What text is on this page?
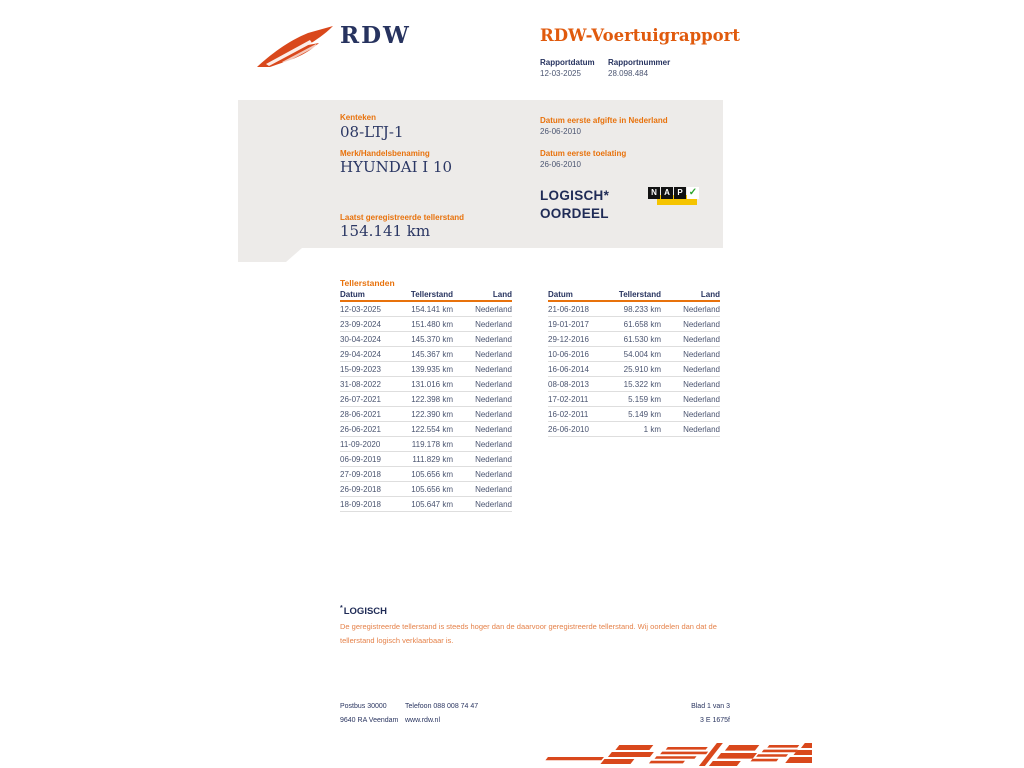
RDW	RDW-Voertuigrapport
Rapportdatum
12-03-2025
Rapportnummer
28.098.484
Kenteken
08-LTJ-1
Merk/Handelsbenaming
HYUNDAI I 10
Laatst geregistreerde tellerstand
154.141 km
Datum eerste afgifte in Nederland
26-06-2010
Datum eerste toelating
26-06-2010
LOGISCH*
OORDEEL
N A P ✓
Tellerstanden
Datum	Tellerstand	Land
12-03-2025	154.141 km	Nederland
23-09-2024	151.480 km	Nederland
30-04-2024	145.370 km	Nederland
29-04-2024	145.367 km	Nederland
15-09-2023	139.935 km	Nederland
31-08-2022	131.016 km	Nederland
26-07-2021	122.398 km	Nederland
28-06-2021	122.390 km	Nederland
26-06-2021	122.554 km	Nederland
11-09-2020	119.178 km	Nederland
06-09-2019	111.829 km	Nederland
27-09-2018	105.656 km	Nederland
26-09-2018	105.656 km	Nederland
18-09-2018	105.647 km	Nederland
Datum	Tellerstand	Land
21-06-2018	98.233 km	Nederland
19-01-2017	61.658 km	Nederland
29-12-2016	61.530 km	Nederland
10-06-2016	54.004 km	Nederland
16-06-2014	25.910 km	Nederland
08-08-2013	15.322 km	Nederland
17-02-2011	5.159 km	Nederland
16-02-2011	5.149 km	Nederland
26-06-2010	1 km	Nederland
*LOGISCH
De geregistreerde tellerstand is steeds hoger dan de daarvoor geregistreerde tellerstand. Wij oordelen dan dat de tellerstand logisch verklaarbaar is.
Postbus 30000
9640 RA Veendam
Telefoon 088 008 74 47
www.rdw.nl
Blad 1 van 3
3 E 1675f
